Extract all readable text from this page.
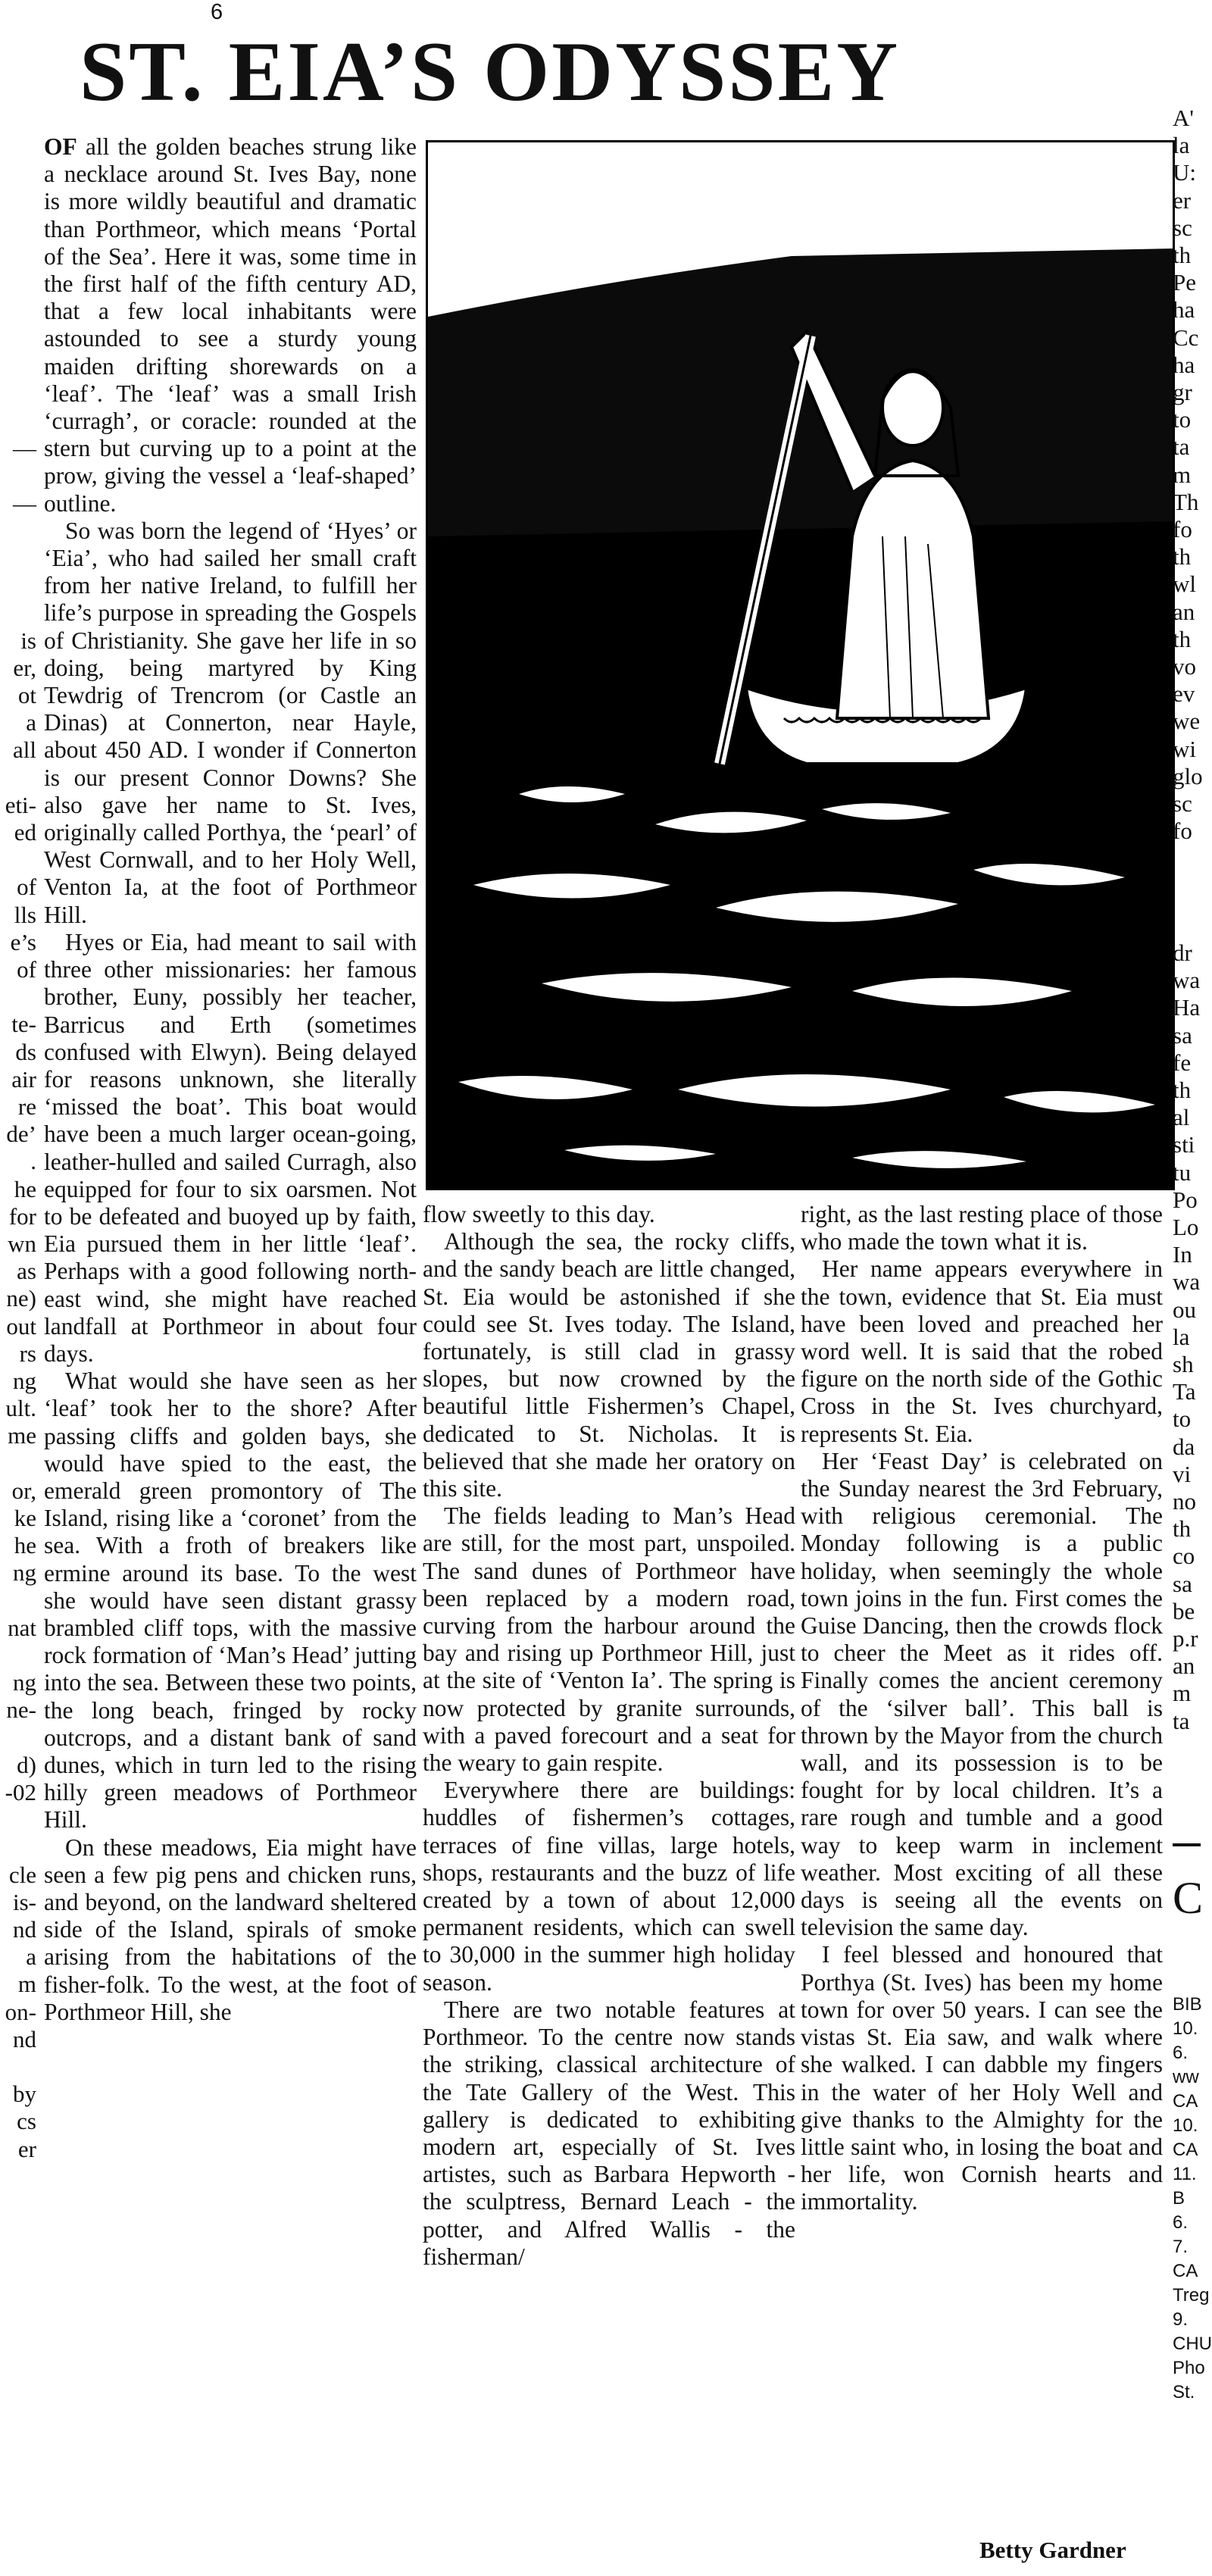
6
ST. EIA’S ODYSSEY

OF all the golden beaches strung like a necklace around St. Ives Bay, none is more wildly beautiful and dramatic than Porthmeor, which means ‘Portal of the Sea’. Here it was, some time in the first half of the fifth century AD, that a few local inhabitants were astounded to see a sturdy young maiden drifting shorewards on a ‘leaf’. The ‘leaf’ was a small Irish ‘curragh’, or coracle: rounded at the stern but curving up to a point at the prow, giving the vessel a ‘leaf-shaped’ outline.

So was born the legend of ‘Hyes’ or ‘Eia’, who had sailed her small craft from her native Ireland, to fulfill her life’s purpose in spreading the Gospels of Christianity. She gave her life in so doing, being martyred by King Tewdrig of Trencrom (or Castle an Dinas) at Connerton, near Hayle, about 450 AD. I wonder if Connerton is our present Connor Downs? She also gave her name to St. Ives, originally called Porthya, the ‘pearl’ of West Cornwall, and to her Holy Well, Venton Ia, at the foot of Porthmeor Hill.

Hyes or Eia, had meant to sail with three other missionaries: her famous brother, Euny, possibly her teacher, Barricus and Erth (sometimes confused with Elwyn). Being delayed for reasons unknown, she literally ‘missed the boat’. This boat would have been a much larger ocean-going, leather-hulled and sailed Curragh, also equipped for four to six oarsmen. Not to be defeated and buoyed up by faith, Eia pursued them in her little ‘leaf’. Perhaps with a good following north-east wind, she might have reached landfall at Porthmeor in about four days.

What would she have seen as her ‘leaf’ took her to the shore? After passing cliffs and golden bays, she would have spied to the east, the emerald green promontory of The Island, rising like a ‘coronet’ from the sea. With a froth of breakers like ermine around its base. To the west she would have seen distant grassy brambled cliff tops, with the massive rock formation of ‘Man’s Head’ jutting into the sea. Between these two points, the long beach, fringed by rocky outcrops, and a distant bank of sand dunes, which in turn led to the rising hilly green meadows of Porthmeor Hill.

On these meadows, Eia might have seen a few pig pens and chicken runs, and beyond, on the landward sheltered side of the Island, spirals of smoke arising from the habitations of the fisher-folk. To the west, at the foot of Porthmeor Hill, she

flow sweetly to this day.

Although the sea, the rocky cliffs, and the sandy beach are little changed, St. Eia would be astonished if she could see St. Ives today. The Island, fortunately, is still clad in grassy slopes, but now crowned by the beautiful little Fishermen’s Chapel, dedicated to St. Nicholas. It is believed that she made her oratory on this site.

The fields leading to Man’s Head are still, for the most part, unspoiled. The sand dunes of Porthmeor have been replaced by a modern road, curving from the harbour around the bay and rising up Porthmeor Hill, just at the site of ‘Venton Ia’. The spring is now protected by granite surrounds, with a paved forecourt and a seat for the weary to gain respite.

Everywhere there are buildings: huddles of fishermen’s cottages, terraces of fine villas, large hotels, shops, restaurants and the buzz of life created by a town of about 12,000 permanent residents, which can swell to 30,000 in the summer high holiday season.

There are two notable features at Porthmeor. To the centre now stands the striking, classical architecture of the Tate Gallery of the West. This gallery is dedicated to exhibiting modern art, especially of St. Ives artistes, such as Barbara Hepworth - the sculptress, Bernard Leach - the potter, and Alfred Wallis - the fisherman/

right, as the last resting place of those who made the town what it is.

Her name appears everywhere in the town, evidence that St. Eia must have been loved and preached her word well. It is said that the robed figure on the north side of the Gothic Cross in the St. Ives churchyard, represents St. Eia.

Her ‘Feast Day’ is celebrated on the Sunday nearest the 3rd February, with religious ceremonial. The Monday following is a public holiday, when seemingly the whole town joins in the fun. First comes the Guise Dancing, then the crowds flock to cheer the Meet as it rides off. Finally comes the ancient ceremony of the ‘silver ball’. This ball is thrown by the Mayor from the church wall, and its possession is to be fought for by local children. It’s a rare rough and tumble and a good way to keep warm in inclement weather. Most exciting of all these days is seeing all the events on television the same day.

I feel blessed and honoured that Porthya (St. Ives) has been my home town for over 50 years. I can see the vistas St. Eia saw, and walk where she walked. I can dabble my fingers in the water of her Holy Well and give thanks to the Almighty for the little saint who, in losing the boat and her life, won Cornish hearts and immortality.

Betty Gardner
A'
la
U:
er
sc
th
Pe
ha
Cc
ha
gr
to
ta
m
Th
fo
th
wl
an
th
vo
ev
we
wi
glo
sc
fo
dr
wa
Ha
sa
fe
th
al
sti
tu
Po
Lo
In
wa
ou
la
sh
Ta
to
da
vi
no
th
co
sa
be
p.r
an
m
ta
C
BIB
10.
6.
ww
CA
10.
CA
11.
B
6.
7.
CA
Treg
9.
CHU
Pho
St.
—
—
is
er,
ot
a
all
eti-
ed
of
lls
e’s
of
te-
ds
air
re
de’
.
he
for
wn
as
ne)
out
rs
ng
ult.
me
or,
ke
he
ng
nat
ng
ne-
d)
-02
cle
is-
nd
a
m
on-
nd
by
cs
er
